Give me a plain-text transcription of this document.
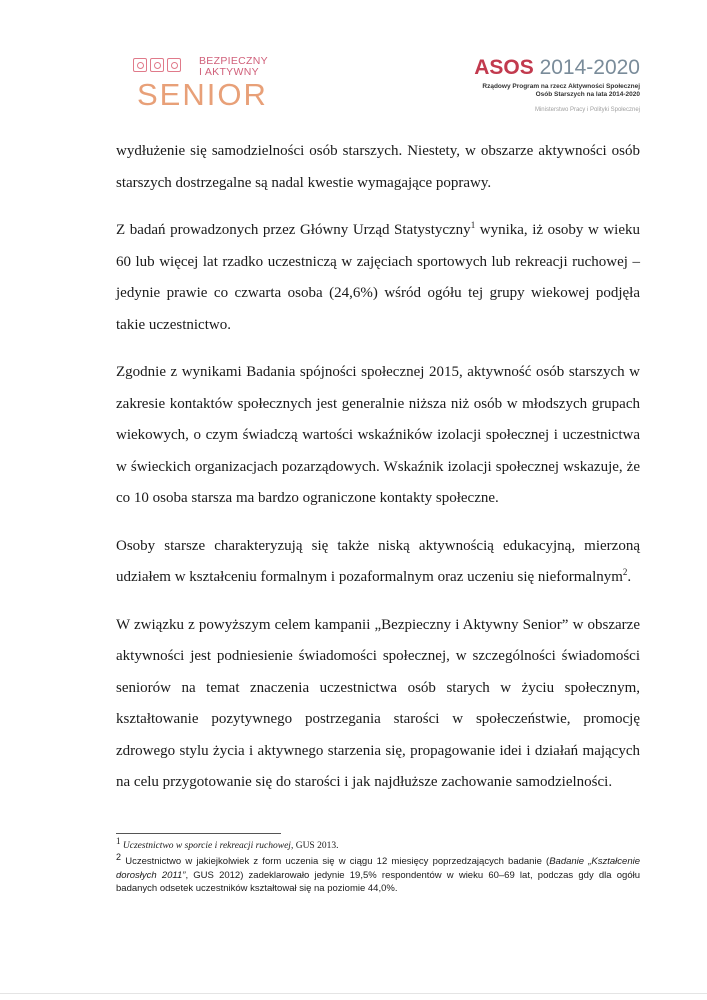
BEZPIECZNY
I AKTYWNY
SENIOR
ASOS 2014-2020
Rządowy Program na rzecz Aktywności Społecznej
Osób Starszych na lata 2014-2020
Ministerstwo Pracy i Polityki Społecznej

wydłużenie się samodzielności osób starszych. Niestety, w obszarze aktywności osób starszych dostrzegalne są nadal kwestie wymagające poprawy.

Z badań prowadzonych przez Główny Urząd Statystyczny$^1$ wynika, iż osoby w wieku 60 lub więcej lat rzadko uczestniczą w zajęciach sportowych lub rekreacji ruchowej – jedynie prawie co czwarta osoba (24,6%) wśród ogółu tej grupy wiekowej podjęła takie uczestnictwo.

Zgodnie z wynikami Badania spójności społecznej 2015, aktywność osób starszych w zakresie kontaktów społecznych jest generalnie niższa niż osób w młodszych grupach wiekowych, o czym świadczą wartości wskaźników izolacji społecznej i uczestnictwa w świeckich organizacjach pozarządowych. Wskaźnik izolacji społecznej wskazuje, że co 10 osoba starsza ma bardzo ograniczone kontakty społeczne.

Osoby starsze charakteryzują się także niską aktywnością edukacyjną, mierzoną udziałem w kształceniu formalnym i pozaformalnym oraz uczeniu się nieformalnym$^2$.

W związku z powyższym celem kampanii „Bezpieczny i Aktywny Senior” w obszarze aktywności jest podniesienie świadomości społecznej, w szczególności świadomości seniorów na temat znaczenia uczestnictwa osób starych w życiu społecznym, kształtowanie pozytywnego postrzegania starości w społeczeństwie, promocję zdrowego stylu życia i aktywnego starzenia się, propagowanie idei i działań mających na celu przygotowanie się do starości i jak najdłuższe zachowanie samodzielności.

$^1$ Uczestnictwo w sporcie i rekreacji ruchowej, GUS 2013.

$^2$ Uczestnictwo w jakiejkolwiek z form uczenia się w ciągu 12 miesięcy poprzedzających badanie (Badanie „Kształcenie dorosłych 2011”, GUS 2012) zadeklarowało jedynie 19,5% respondentów w wieku 60–69 lat, podczas gdy dla ogółu badanych odsetek uczestników kształtował się na poziomie 44,0%.
